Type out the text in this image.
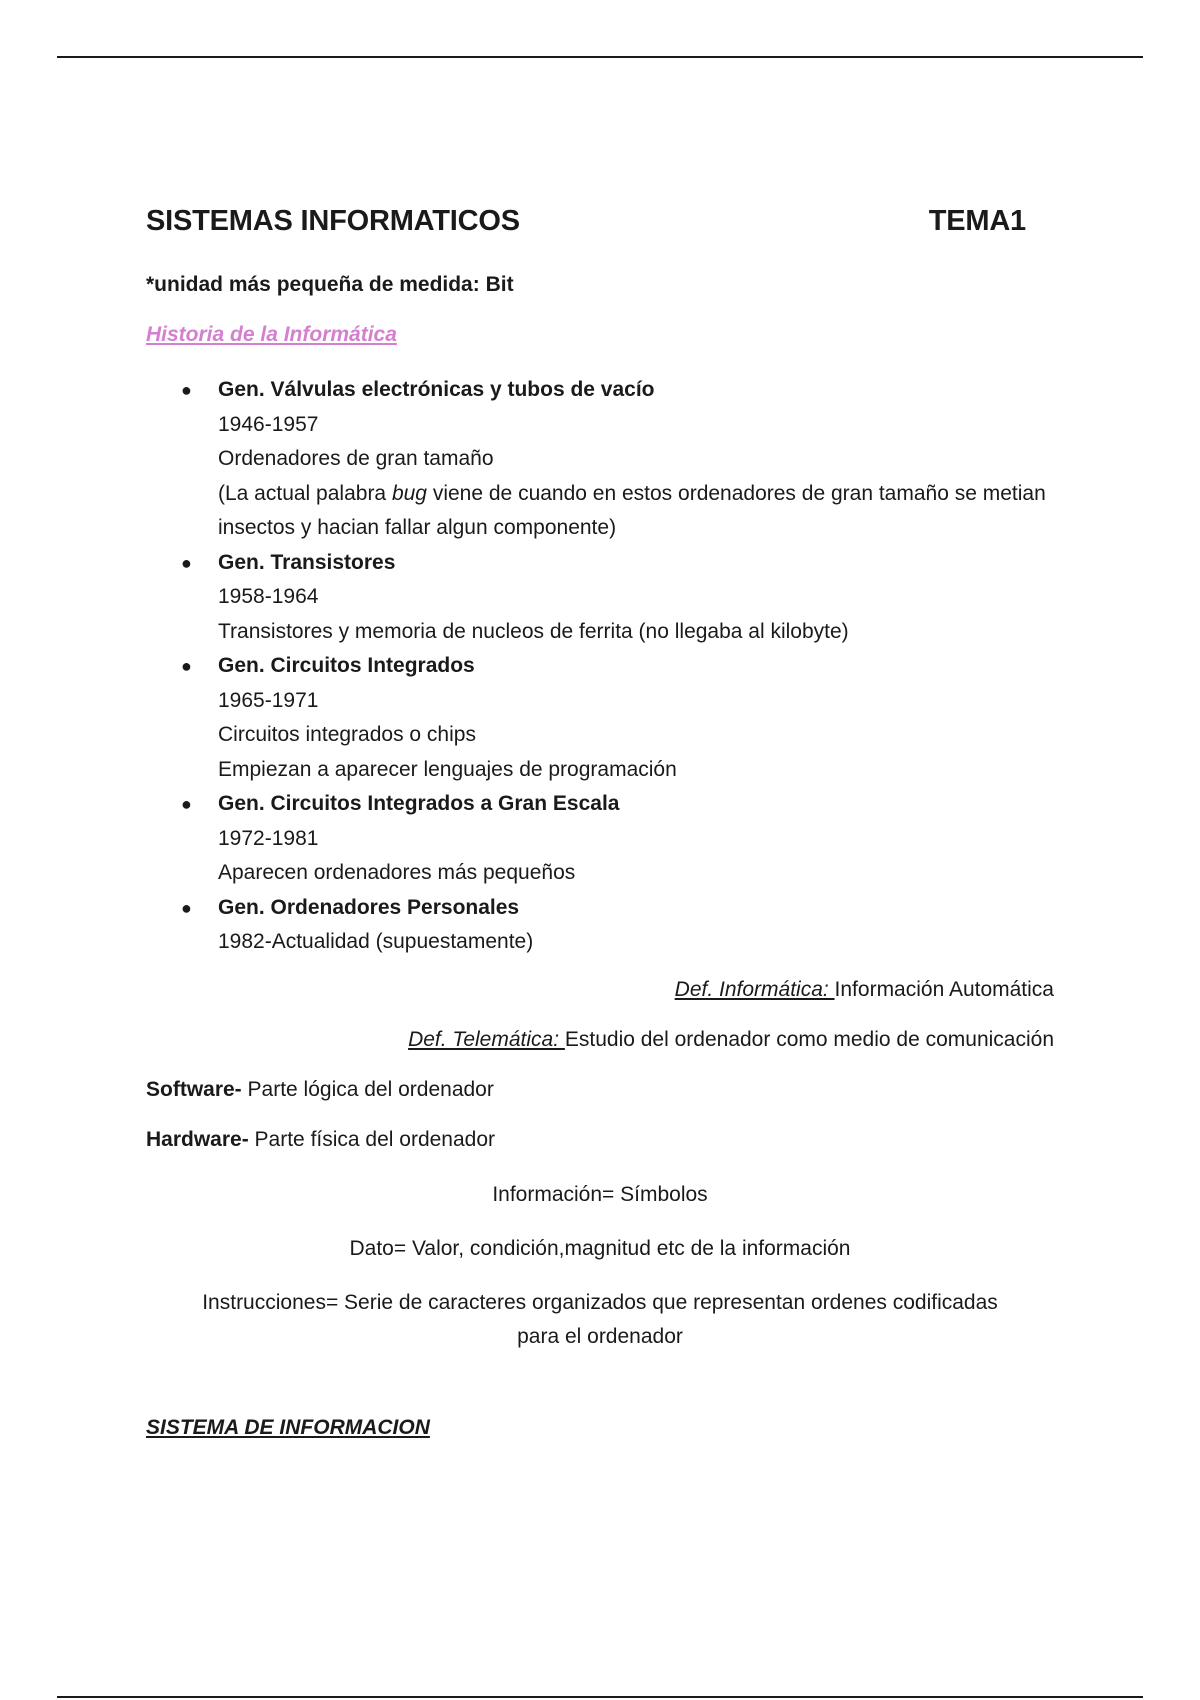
SISTEMAS INFORMATICOS	TEMA1
*unidad más pequeña de medida: Bit
Historia de la Informática
● Gen. Válvulas electrónicas y tubos de vacío
1946-1957
Ordenadores de gran tamaño
(La actual palabra bug viene de cuando en estos ordenadores de gran tamaño se metian insectos y hacian fallar algun componente)
● Gen. Transistores
1958-1964
Transistores y memoria de nucleos de ferrita (no llegaba al kilobyte)
● Gen. Circuitos Integrados
1965-1971
Circuitos integrados o chips
Empiezan a aparecer lenguajes de programación
● Gen. Circuitos Integrados a Gran Escala
1972-1981
Aparecen ordenadores más pequeños
● Gen. Ordenadores Personales
1982-Actualidad (supuestamente)
Def. Informática: Información Automática
Def. Telemática: Estudio del ordenador como medio de comunicación
Software- Parte lógica del ordenador
Hardware- Parte física del ordenador
Información= Símbolos
Dato= Valor, condición,magnitud etc de la información
Instrucciones= Serie de caracteres organizados que representan ordenes codificadas
para el ordenador
SISTEMA DE INFORMACION
